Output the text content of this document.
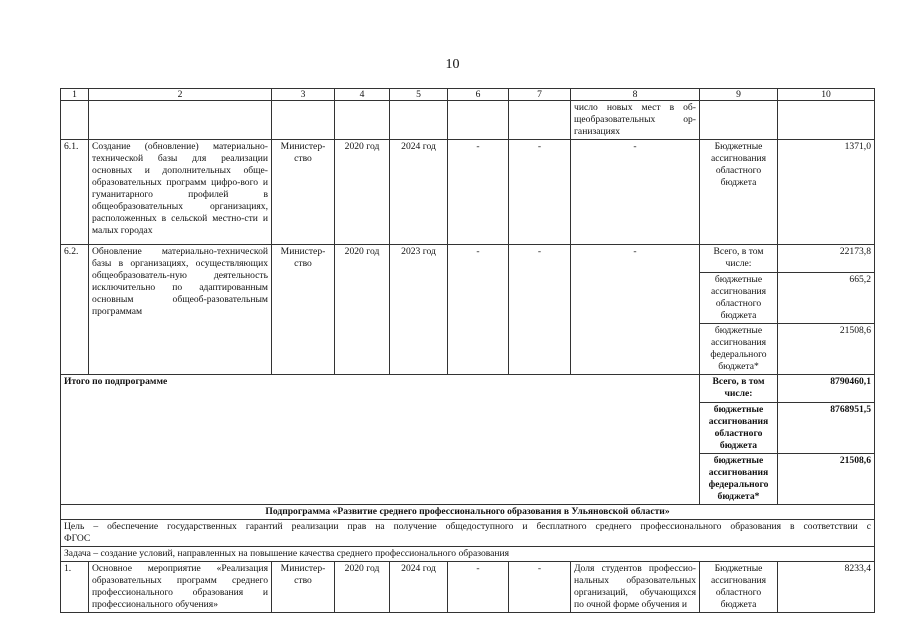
10
1	2	3	4	5	6	7	8	9	10
							число новых мест в об-щеобразовательных ор-ганизациях		
6.1.	Создание (обновление) материально-технической базы для реализации основных и дополнительных обще-образовательных программ цифро-вого и гуманитарного профилей в общеобразовательных организациях, расположенных в сельской местно-сти и малых городах	Министер-ство	2020 год	2024 год	-	-	-	Бюджетные ассигнования областного бюджета	1371,0
6.2.	Обновление материально-технической базы в организациях, осуществляющих общеобразователь-ную деятельность исключительно по адаптированным основным общеоб-разовательным программам	Министер-ство	2020 год	2023 год	-	-	-	Всего, в том числе:	22173,8
								бюджетные ассигнования областного бюджета	665,2
								бюджетные ассигнования федерального бюджета*	21508,6
Итого по подпрограмме								Всего, в том числе:	8790460,1
								бюджетные ассигнования областного бюджета	8768951,5
								бюджетные ассигнования федерального бюджета*	21508,6
Подпрограмма «Развитие среднего профессионального образования в Ульяновской области»									
Цель – обеспечение государственных гарантий реализации прав на получение общедоступного и бесплатного среднего профессионального образования в соответствии с ФГОС									
Задача – создание условий, направленных на повышение качества среднего профессионального образования									
1.	Основное мероприятие «Реализация образовательных программ среднего профессионального образования и профессионального обучения»	Министер-ство	2020 год	2024 год	-	-	Доля студентов профессио-нальных образовательных организаций, обучающихся по очной форме обучения и	Бюджетные ассигнования областного бюджета	8233,4
